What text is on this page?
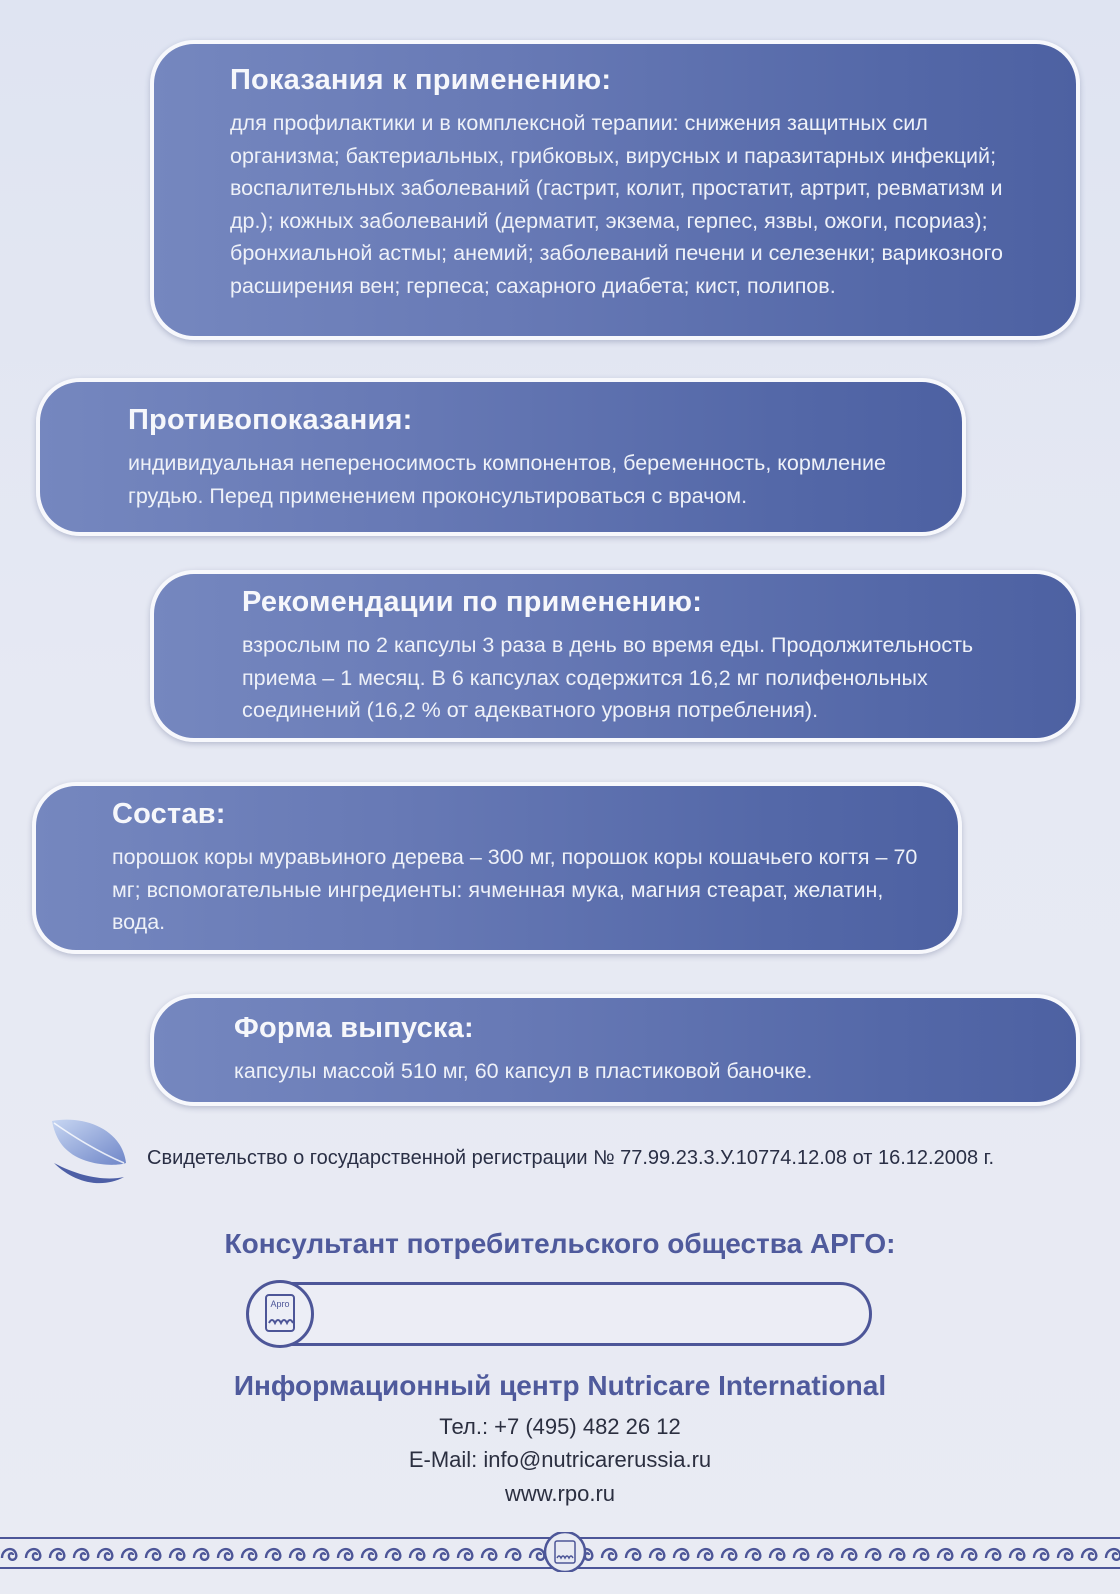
Показания к применению:

для профилактики и в комплексной терапии: снижения защитных сил организма; бактериальных, грибковых, вирусных и паразитарных инфекций; воспалительных заболеваний (гастрит, колит, простатит, артрит, ревматизм и др.); кожных заболеваний (дерматит, экзема, герпес, язвы, ожоги, псориаз); бронхиальной астмы; анемий; заболеваний печени и селезенки; варикозного расширения вен; герпеса; сахарного диабета; кист, полипов.

Противопоказания:

индивидуальная непереносимость компонентов, беременность, кормление грудью. Перед применением проконсультироваться с врачом.

Рекомендации по применению:

взрослым по 2 капсулы 3 раза в день во время еды. Продолжительность приема – 1 месяц. В 6 капсулах содержится 16,2 мг полифенольных соединений (16,2 % от адекватного уровня потребления).

Состав:

порошок коры муравьиного дерева – 300 мг, порошок коры кошачьего когтя – 70 мг; вспомогательные ингредиенты: ячменная мука, магния стеарат, желатин, вода.

Форма выпуска:

капсулы массой 510 мг, 60 капсул в пластиковой баночке.

Свидетельство о государственной регистрации № 77.99.23.3.У.10774.12.08 от 16.12.2008 г.
Консультант потребительского общества АРГО:
Арго
Информационный центр Nutricare International
Тел.: +7 (495) 482 26 12
E-Mail: info@nutricarerussia.ru
www.rpo.ru
